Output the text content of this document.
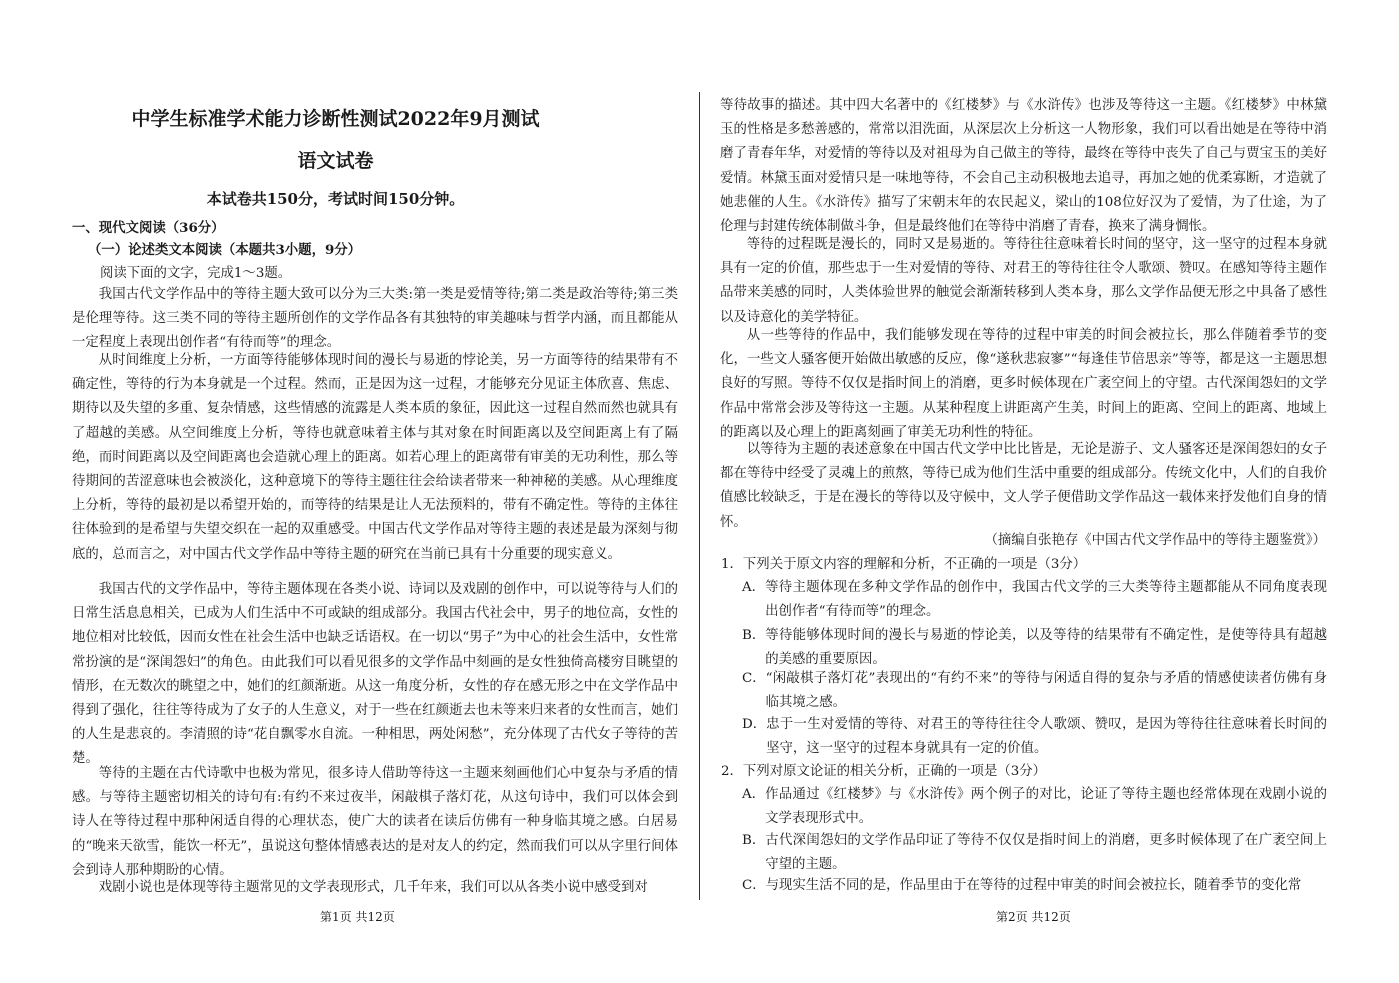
中学生标准学术能力诊断性测试2022年9月测试
语文试卷
本试卷共150分，考试时间150分钟。
一、现代文阅读（36分）
（一）论述类文本阅读（本题共3小题，9分）
阅读下面的文字，完成1～3题。

我国古代文学作品中的等待主题大致可以分为三大类:第一类是爱情等待;第二类是政治等待;第三类是伦理等待。这三类不同的等待主题所创作的文学作品各有其独特的审美趣味与哲学内涵，而且都能从一定程度上表现出创作者“有待而等”的理念。

从时间维度上分析，一方面等待能够体现时间的漫长与易逝的悖论美，另一方面等待的结果带有不确定性，等待的行为本身就是一个过程。然而，正是因为这一过程，才能够充分见证主体欣喜、焦虑、期待以及失望的多重、复杂情感，这些情感的流露是人类本质的象征，因此这一过程自然而然也就具有了超越的美感。从空间维度上分析，等待也就意味着主体与其对象在时间距离以及空间距离上有了隔绝，而时间距离以及空间距离也会造就心理上的距离。如若心理上的距离带有审美的无功利性，那么等待期间的苦涩意味也会被淡化，这种意境下的等待主题往往会给读者带来一种神秘的美感。从心理维度上分析，等待的最初是以希望开始的，而等待的结果是让人无法预料的，带有不确定性。等待的主体往往体验到的是希望与失望交织在一起的双重感受。中国古代文学作品对等待主题的表述是最为深刻与彻底的，总而言之，对中国古代文学作品中等待主题的研究在当前已具有十分重要的现实意义。

我国古代的文学作品中，等待主题体现在各类小说、诗词以及戏剧的创作中，可以说等待与人们的日常生活息息相关，已成为人们生活中不可或缺的组成部分。我国古代社会中，男子的地位高，女性的地位相对比较低，因而女性在社会生活中也缺乏话语权。在一切以“男子”为中心的社会生活中，女性常常扮演的是“深闺怨妇”的角色。由此我们可以看见很多的文学作品中刻画的是女性独倚高楼穷目眺望的情形，在无数次的眺望之中，她们的红颜渐逝。从这一角度分析，女性的存在感无形之中在文学作品中得到了强化，往往等待成为了女子的人生意义，对于一些在红颜逝去也未等来归来者的女性而言，她们的人生是悲哀的。李清照的诗“花自飘零水自流。一种相思，两处闲愁”，充分体现了古代女子等待的苦楚。

等待的主题在古代诗歌中也极为常见，很多诗人借助等待这一主题来刻画他们心中复杂与矛盾的情感。与等待主题密切相关的诗句有:有约不来过夜半，闲敲棋子落灯花，从这句诗中，我们可以体会到诗人在等待过程中那种闲适自得的心理状态，使广大的读者在读后仿佛有一种身临其境之感。白居易的“晚来天欲雪，能饮一杯无”，虽说这句整体情感表达的是对友人的约定，然而我们可以从字里行间体会到诗人那种期盼的心情。

戏剧小说也是体现等待主题常见的文学表现形式，几千年来，我们可以从各类小说中感受到对

第1页 共12页

等待故事的描述。其中四大名著中的《红楼梦》与《水浒传》也涉及等待这一主题。《红楼梦》中林黛玉的性格是多愁善感的，常常以泪洗面，从深层次上分析这一人物形象，我们可以看出她是在等待中消磨了青春年华，对爱情的等待以及对祖母为自己做主的等待，最终在等待中丧失了自己与贾宝玉的美好爱情。林黛玉面对爱情只是一味地等待，不会自己主动积极地去追寻，再加之她的优柔寡断，才造就了她悲催的人生。《水浒传》描写了宋朝末年的农民起义，梁山的108位好汉为了爱情，为了仕途，为了伦理与封建传统体制做斗争，但是最终他们在等待中消磨了青春，换来了满身惆怅。

等待的过程既是漫长的，同时又是易逝的。等待往往意味着长时间的坚守，这一坚守的过程本身就具有一定的价值，那些忠于一生对爱情的等待、对君王的等待往往令人歌颂、赞叹。在感知等待主题作品带来美感的同时，人类体验世界的触觉会渐渐转移到人类本身，那么文学作品便无形之中具备了感性以及诗意化的美学特征。

从一些等待的作品中，我们能够发现在等待的过程中审美的时间会被拉长，那么伴随着季节的变化，一些文人骚客便开始做出敏感的反应，像“遂秋悲寂寥”“每逢佳节倍思亲”等等，都是这一主题思想良好的写照。等待不仅仅是指时间上的消磨，更多时候体现在广袤空间上的守望。古代深闺怨妇的文学作品中常常会涉及等待这一主题。从某种程度上讲距离产生美，时间上的距离、空间上的距离、地域上的距离以及心理上的距离刻画了审美无功利性的特征。

以等待为主题的表述意象在中国古代文学中比比皆是，无论是游子、文人骚客还是深闺怨妇的女子都在等待中经受了灵魂上的煎熬，等待已成为他们生活中重要的组成部分。传统文化中，人们的自我价值感比较缺乏，于是在漫长的等待以及守候中，文人学子便借助文学作品这一载体来抒发他们自身的情怀。

（摘编自张艳存《中国古代文学作品中的等待主题鉴赏》）
1．下列关于原文内容的理解和分析，不正确的一项是（3分）
A． 等待主题体现在多种文学作品的创作中，我国古代文学的三大类等待主题都能从不同角度表现出创作者“有待而等”的理念。
B． 等待能够体现时间的漫长与易逝的悖论美，以及等待的结果带有不确定性，是使等待具有超越的美感的重要原因。
C． “闲敲棋子落灯花”表现出的“有约不来”的等待与闲适自得的复杂与矛盾的情感使读者仿佛有身临其境之感。
D． 忠于一生对爱情的等待、对君王的等待往往令人歌颂、赞叹，是因为等待往往意味着长时间的坚守，这一坚守的过程本身就具有一定的价值。
2．下列对原文论证的相关分析，正确的一项是（3分）
A． 作品通过《红楼梦》与《水浒传》两个例子的对比，论证了等待主题也经常体现在戏剧小说的文学表现形式中。
B． 古代深闺怨妇的文学作品印证了等待不仅仅是指时间上的消磨，更多时候体现了在广袤空间上守望的主题。
C． 与现实生活不同的是，作品里由于在等待的过程中审美的时间会被拉长，随着季节的变化常
第2页 共12页
